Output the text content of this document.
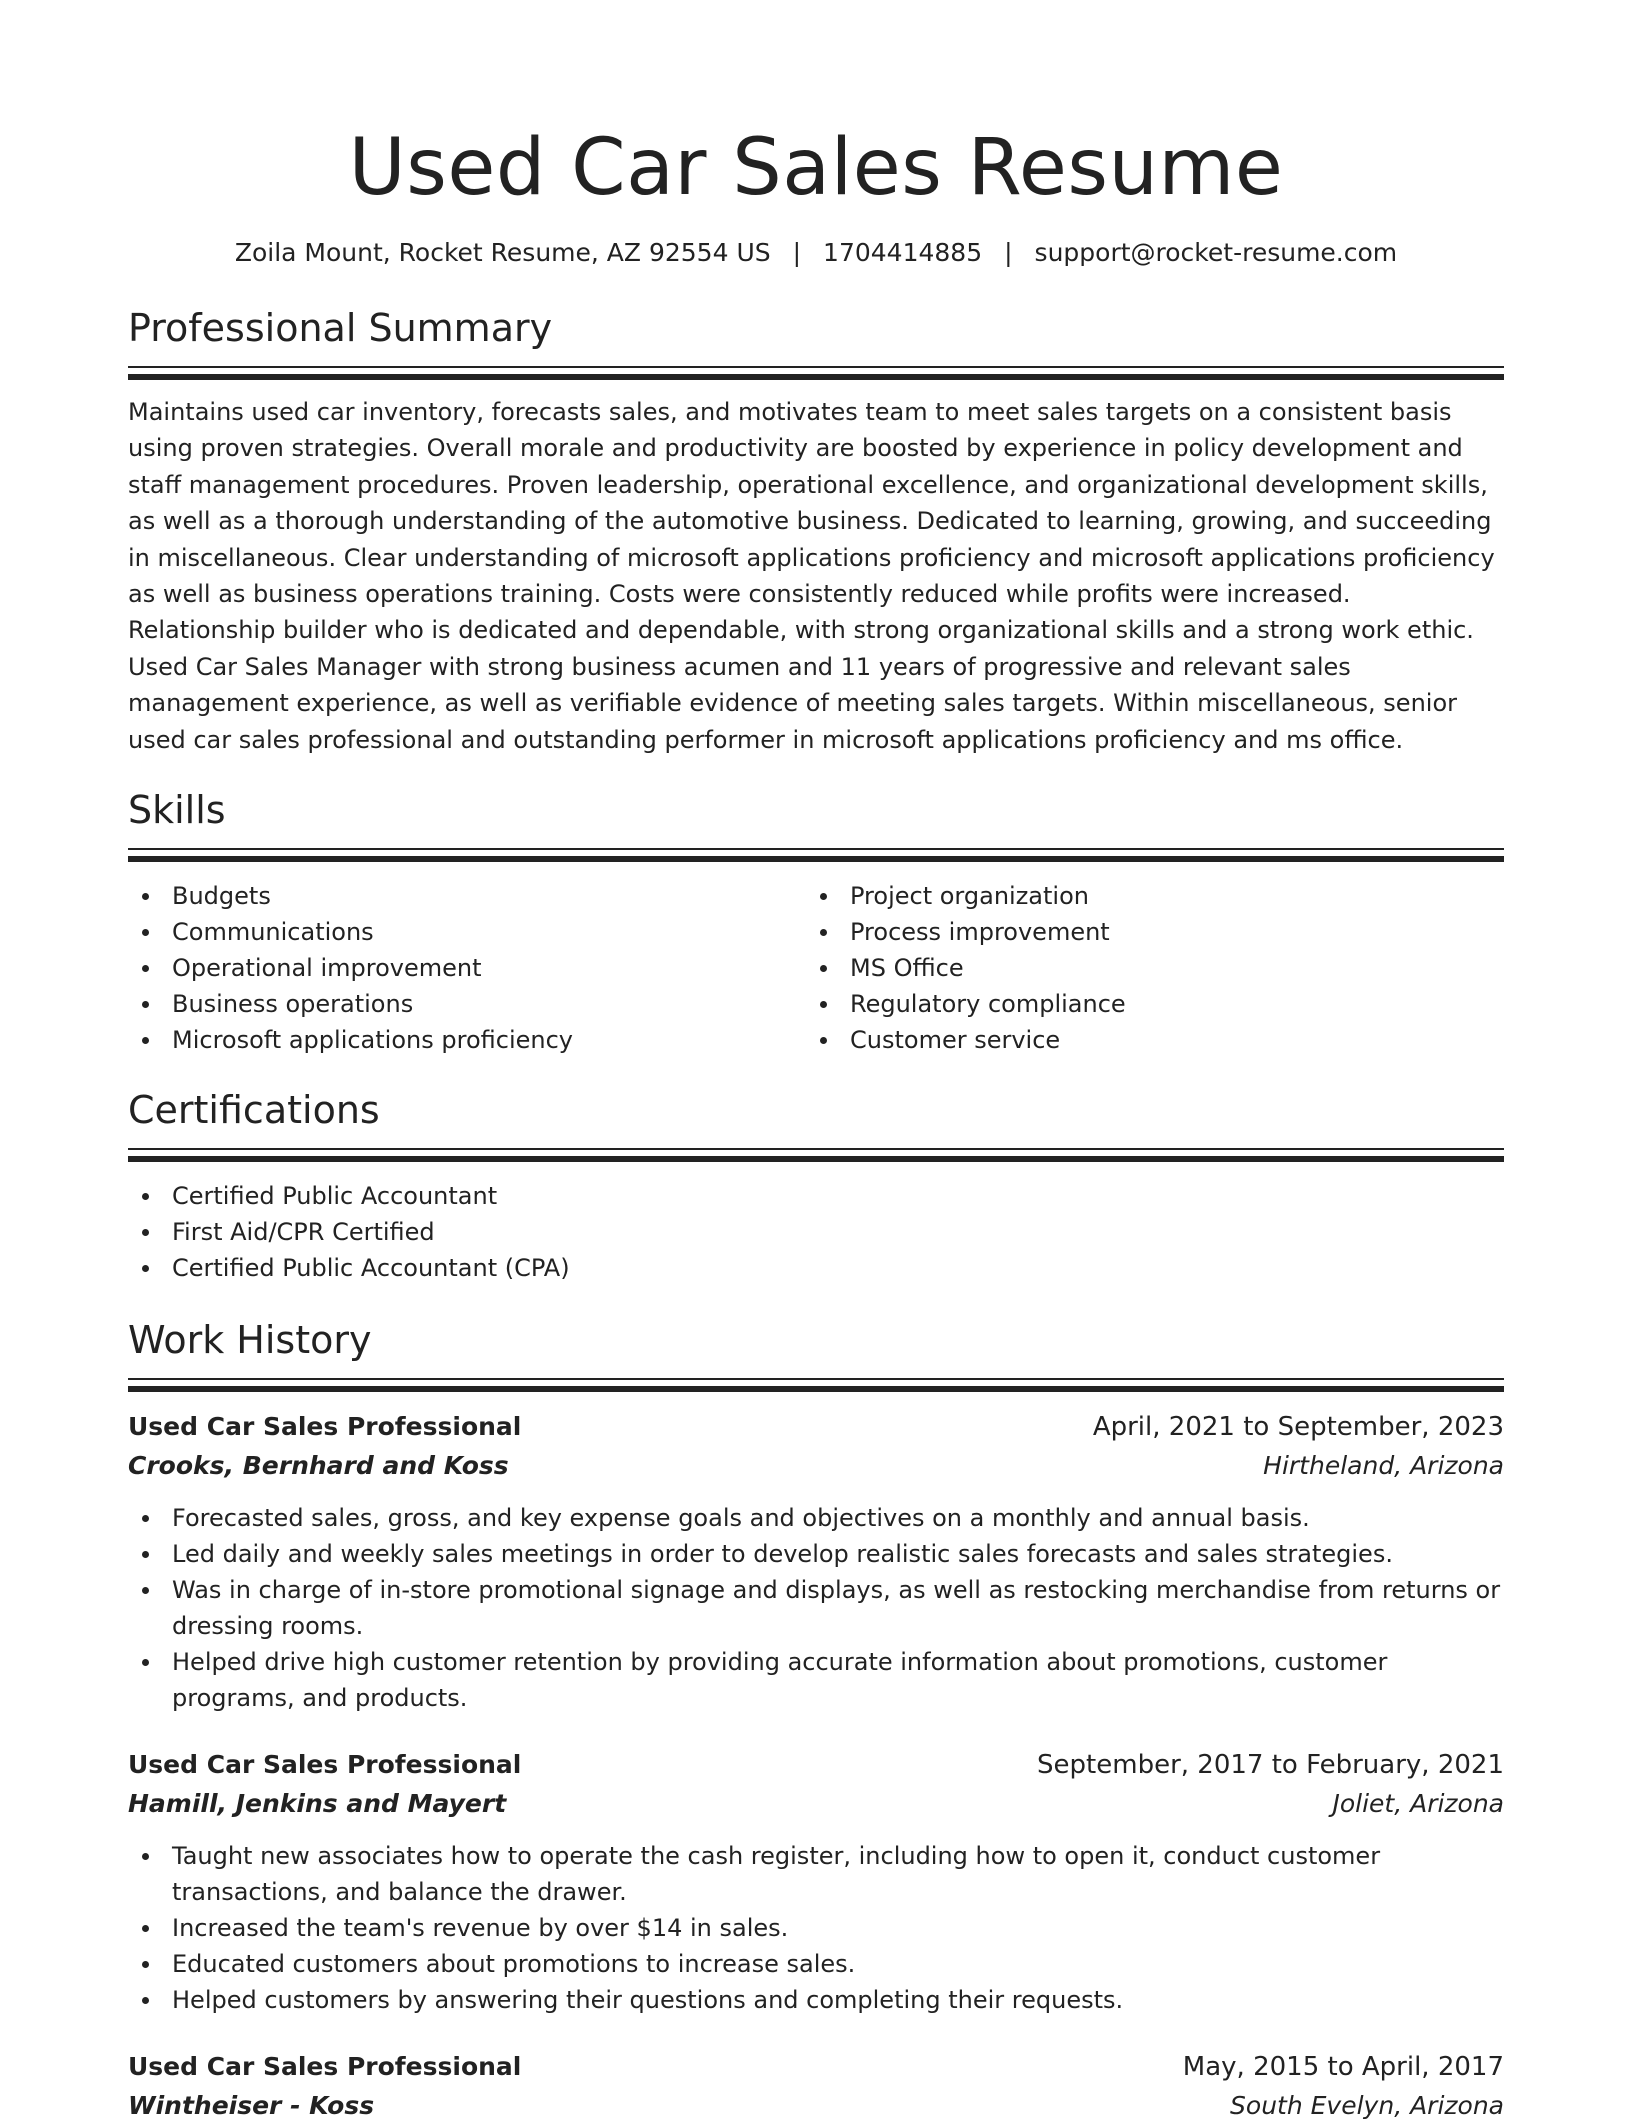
Used Car Sales Resume
Zoila Mount, Rocket Resume, AZ 92554 US | 1704414885 | support@rocket-resume.com
Professional Summary

Maintains used car inventory, forecasts sales, and motivates team to meet sales targets on a consistent basis using proven strategies. Overall morale and productivity are boosted by experience in policy development and staff management procedures. Proven leadership, operational excellence, and organizational development skills, as well as a thorough understanding of the automotive business. Dedicated to learning, growing, and succeeding in miscellaneous. Clear understanding of microsoft applications proficiency and microsoft applications proficiency as well as business operations training. Costs were consistently reduced while profits were increased. Relationship builder who is dedicated and dependable, with strong organizational skills and a strong work ethic. Used Car Sales Manager with strong business acumen and 11 years of progressive and relevant sales management experience, as well as verifiable evidence of meeting sales targets. Within miscellaneous, senior used car sales professional and outstanding performer in microsoft applications proficiency and ms office.

Skills
Budgets
Communications
Operational improvement
Business operations
Microsoft applications proficiency
Project organization
Process improvement
MS Office
Regulatory compliance
Customer service
Certifications
Certified Public Accountant
First Aid/CPR Certified
Certified Public Accountant (CPA)
Work History
Used Car Sales Professional	April, 2021 to September, 2023
Crooks, Bernhard and Koss	Hirtheland, Arizona
Forecasted sales, gross, and key expense goals and objectives on a monthly and annual basis.
Led daily and weekly sales meetings in order to develop realistic sales forecasts and sales strategies.
Was in charge of in-store promotional signage and displays, as well as restocking merchandise from returns or dressing rooms.
Helped drive high customer retention by providing accurate information about promotions, customer programs, and products.
Used Car Sales Professional	September, 2017 to February, 2021
Hamill, Jenkins and Mayert	Joliet, Arizona
Taught new associates how to operate the cash register, including how to open it, conduct customer transactions, and balance the drawer.
Increased the team's revenue by over $14 in sales.
Educated customers about promotions to increase sales.
Helped customers by answering their questions and completing their requests.
Used Car Sales Professional	May, 2015 to April, 2017
Wintheiser - Koss	South Evelyn, Arizona
